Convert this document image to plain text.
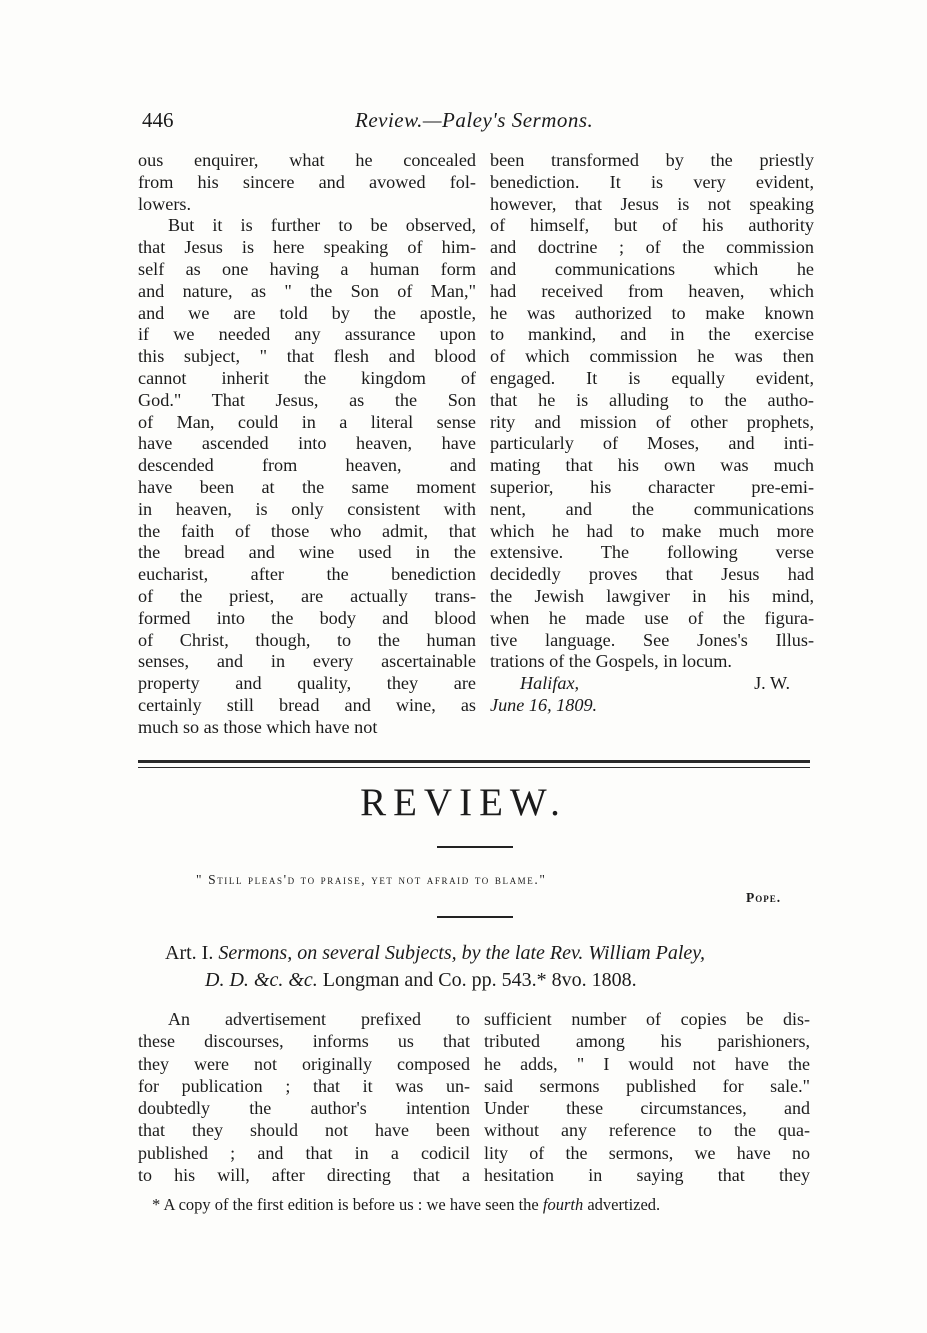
446	Review.—Paley's Sermons.
ous enquirer, what he concealed
from his sincere and avowed fol-
lowers.
But it is further to be observed,
that Jesus is here speaking of him-
self as one having a human form
and nature, as " the Son of Man,"
and we are told by the apostle,
if we needed any assurance upon
this subject, " that flesh and blood
cannot inherit the kingdom of
God." That Jesus, as the Son
of Man, could in a literal sense
have ascended into heaven, have
descended from heaven, and
have been at the same moment
in heaven, is only consistent with
the faith of those who admit, that
the bread and wine used in the
eucharist, after the benediction
of the priest, are actually trans-
formed into the body and blood
of Christ, though, to the human
senses, and in every ascertainable
property and quality, they are
certainly still bread and wine, as
much so as those which have not
been transformed by the priestly
benediction. It is very evident,
however, that Jesus is not speaking
of himself, but of his authority
and doctrine ; of the commission
and communications which he
had received from heaven, which
he was authorized to make known
to mankind, and in the exercise
of which commission he was then
engaged. It is equally evident,
that he is alluding to the autho-
rity and mission of other prophets,
particularly of Moses, and inti-
mating that his own was much
superior, his character pre-emi-
nent, and the communications
which he had to make much more
extensive. The following verse
decidedly proves that Jesus had
the Jewish lawgiver in his mind,
when he made use of the figura-
tive language. See Jones's Illus-
trations of the Gospels, in locum.
Halifax,	J. W.
June 16, 1809.
REVIEW.
" Still pleas'd to praise, yet not afraid to blame."
Pope.
Art. I. Sermons, on several Subjects, by the late Rev. William Paley,
D. D. &c. &c. Longman and Co. pp. 543.* 8vo. 1808.
An advertisement prefixed to
these discourses, informs us that
they were not originally composed
for publication ; that it was un-
doubtedly the author's intention
that they should not have been
published ; and that in a codicil
to his will, after directing that a
sufficient number of copies be dis-
tributed among his parishioners,
he adds, " I would not have the
said sermons published for sale."
Under these circumstances, and
without any reference to the qua-
lity of the sermons, we have no
hesitation in saying that they
* A copy of the first edition is before us : we have seen the fourth advertized.
